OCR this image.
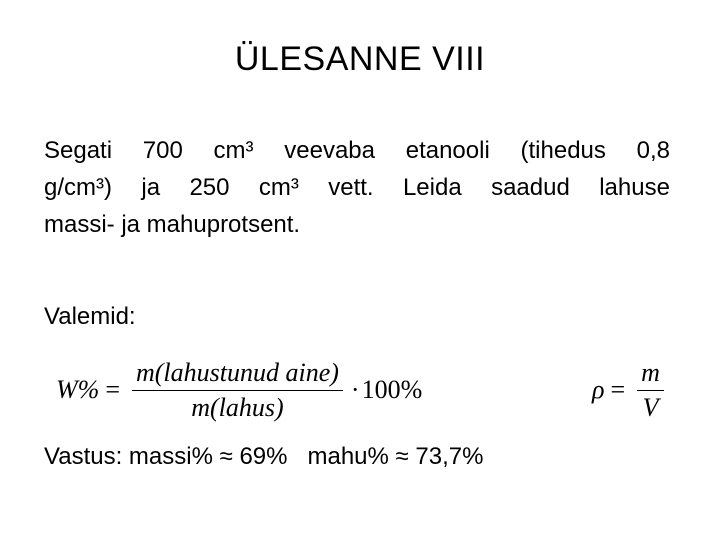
ÜLESANNE VIII
Segati 700 cm³ veevaba etanooli (tihedus 0,8
g/cm³) ja 250 cm³ vett. Leida saadud lahuse
massi- ja mahuprotsent.
Valemid:
$W\% = \frac{\text{m(lahustunud aine)}}{\text{m(lahus)}} \cdot 100\%$	$\rho = \frac{m}{V}$
Vastus: massi% ≈ 69%   mahu% ≈ 73,7%
